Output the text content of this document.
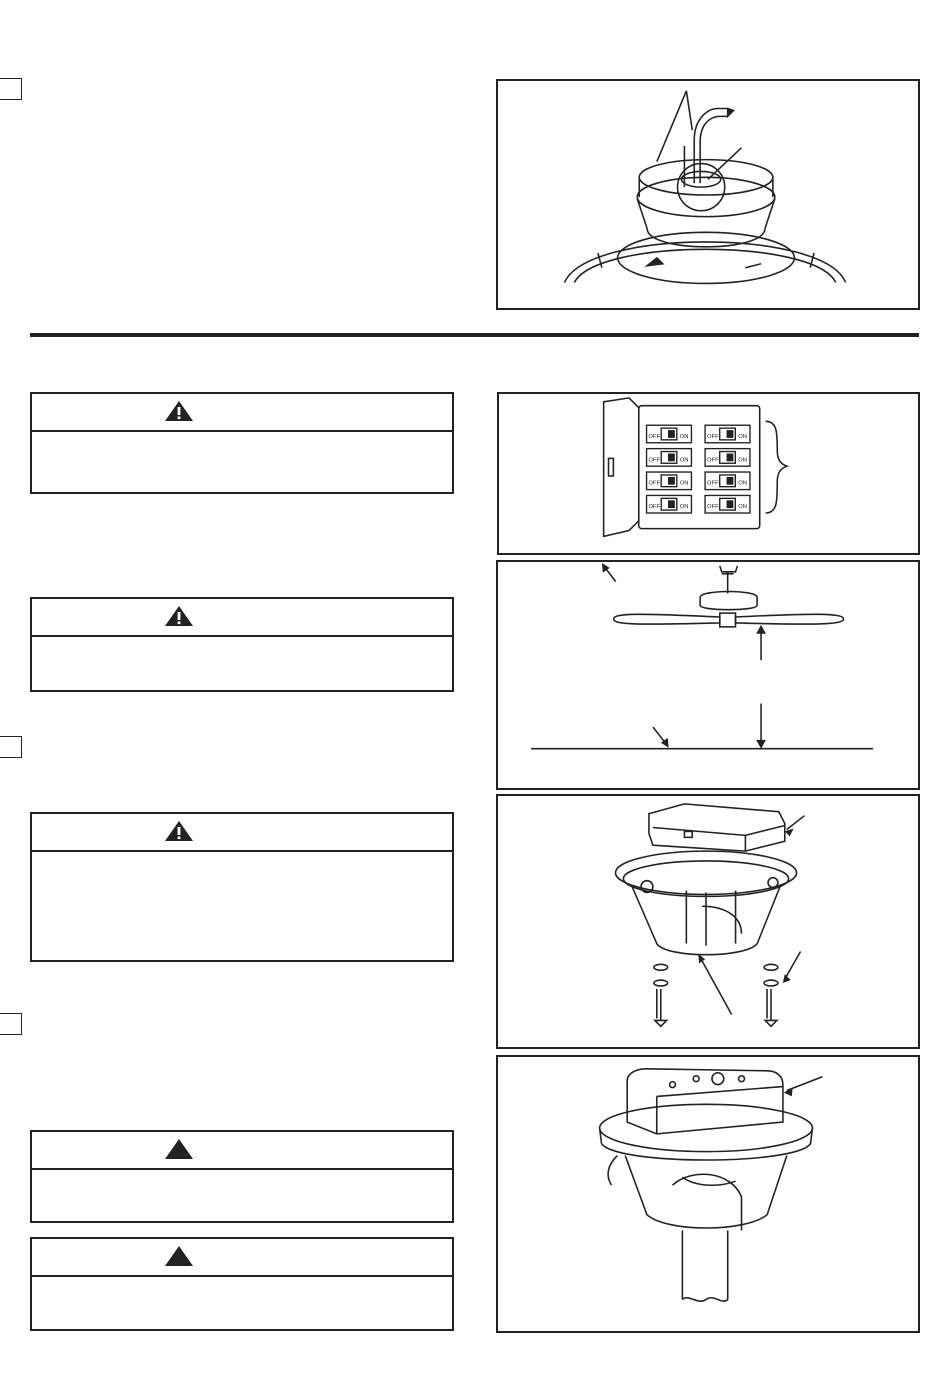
OFF	ON	OFF	ON
OFF	ON	OFF	ON
OFF	ON	OFF	ON
OFF	ON	OFF	ON
